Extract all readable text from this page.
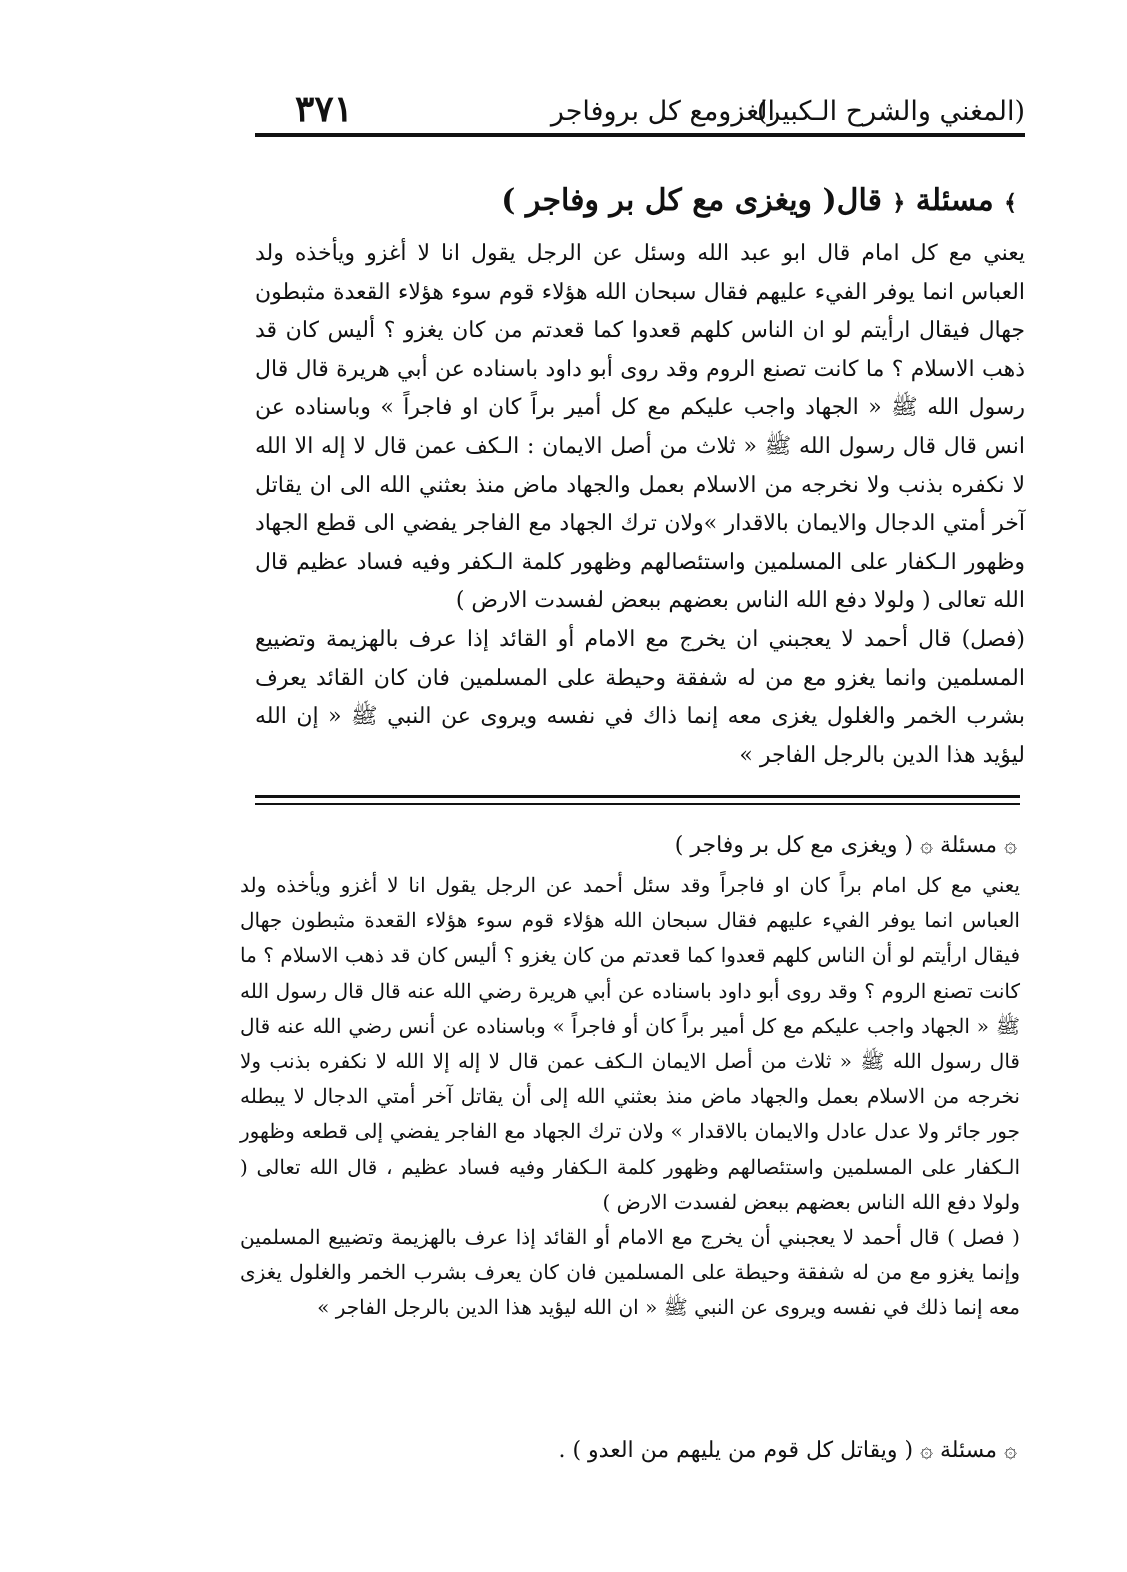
(المغني والشرح الـكبير)
الغزومع كل بروفاجر
٣٧١
﴾ مسئلة ﴿ قال( ويغزى مع كل بر وفاجر )

يعني مع كل امام قال ابو عبد الله وسئل عن الرجل يقول انا لا أغزو ويأخذه ولد العباس انما يوفر الفيء عليهم فقال سبحان الله هؤلاء قوم سوء هؤلاء القعدة مثبطون جهال فيقال ارأيتم لو ان الناس كلهم قعدوا كما قعدتم من كان يغزو ؟ أليس كان قد ذهب الاسلام ؟ ما كانت تصنع الروم وقد روى أبو داود باسناده عن أبي هريرة قال قال رسول الله ﷺ « الجهاد واجب عليكم مع كل أمير براً كان او فاجراً » وباسناده عن انس قال قال رسول الله ﷺ « ثلاث من أصل الايمان : الـكف عمن قال لا إله الا الله لا نكفره بذنب ولا نخرجه من الاسلام بعمل والجهاد ماض منذ بعثني الله الى ان يقاتل آخر أمتي الدجال والايمان بالاقدار »ولان ترك الجهاد مع الفاجر يفضي الى قطع الجهاد وظهور الـكفار على المسلمين واستئصالهم وظهور كلمة الـكفر وفيه فساد عظيم قال الله تعالى ( ولولا دفع الله الناس بعضهم ببعض لفسدت الارض )

(فصل) قال أحمد لا يعجبني ان يخرج مع الامام أو القائد إذا عرف بالهزيمة وتضييع المسلمين وانما يغزو مع من له شفقة وحيطة على المسلمين فان كان القائد يعرف بشرب الخمر والغلول يغزى معه إنما ذاك في نفسه ويروى عن النبي ﷺ « إن الله ليؤيد هذا الدين بالرجل الفاجر »

۞ مسئلة ۞ ( ويغزى مع كل بر وفاجر )

يعني مع كل امام براً كان او فاجراً وقد سئل أحمد عن الرجل يقول انا لا أغزو ويأخذه ولد العباس انما يوفر الفيء عليهم فقال سبحان الله هؤلاء قوم سوء هؤلاء القعدة مثبطون جهال فيقال ارأيتم لو أن الناس كلهم قعدوا كما قعدتم من كان يغزو ؟ أليس كان قد ذهب الاسلام ؟ ما كانت تصنع الروم ؟ وقد روى أبو داود باسناده عن أبي هريرة رضي الله عنه قال قال رسول الله ﷺ « الجهاد واجب عليكم مع كل أمير براً كان أو فاجراً » وباسناده عن أنس رضي الله عنه قال قال رسول الله ﷺ « ثلاث من أصل الايمان الـكف عمن قال لا إله إلا الله لا نكفره بذنب ولا نخرجه من الاسلام بعمل والجهاد ماض منذ بعثني الله إلى أن يقاتل آخر أمتي الدجال لا يبطله جور جائر ولا عدل عادل والايمان بالاقدار » ولان ترك الجهاد مع الفاجر يفضي إلى قطعه وظهور الـكفار على المسلمين واستئصالهم وظهور كلمة الـكفار وفيه فساد عظيم ، قال الله تعالى ( ولولا دفع الله الناس بعضهم ببعض لفسدت الارض )

( فصل ) قال أحمد لا يعجبني أن يخرج مع الامام أو القائد إذا عرف بالهزيمة وتضييع المسلمين وإنما يغزو مع من له شفقة وحيطة على المسلمين فان كان يعرف بشرب الخمر والغلول يغزى معه إنما ذلك في نفسه ويروى عن النبي ﷺ « ان الله ليؤيد هذا الدين بالرجل الفاجر »

۞ مسئلة ۞ ( ويقاتل كل قوم من يليهم من العدو ) .
